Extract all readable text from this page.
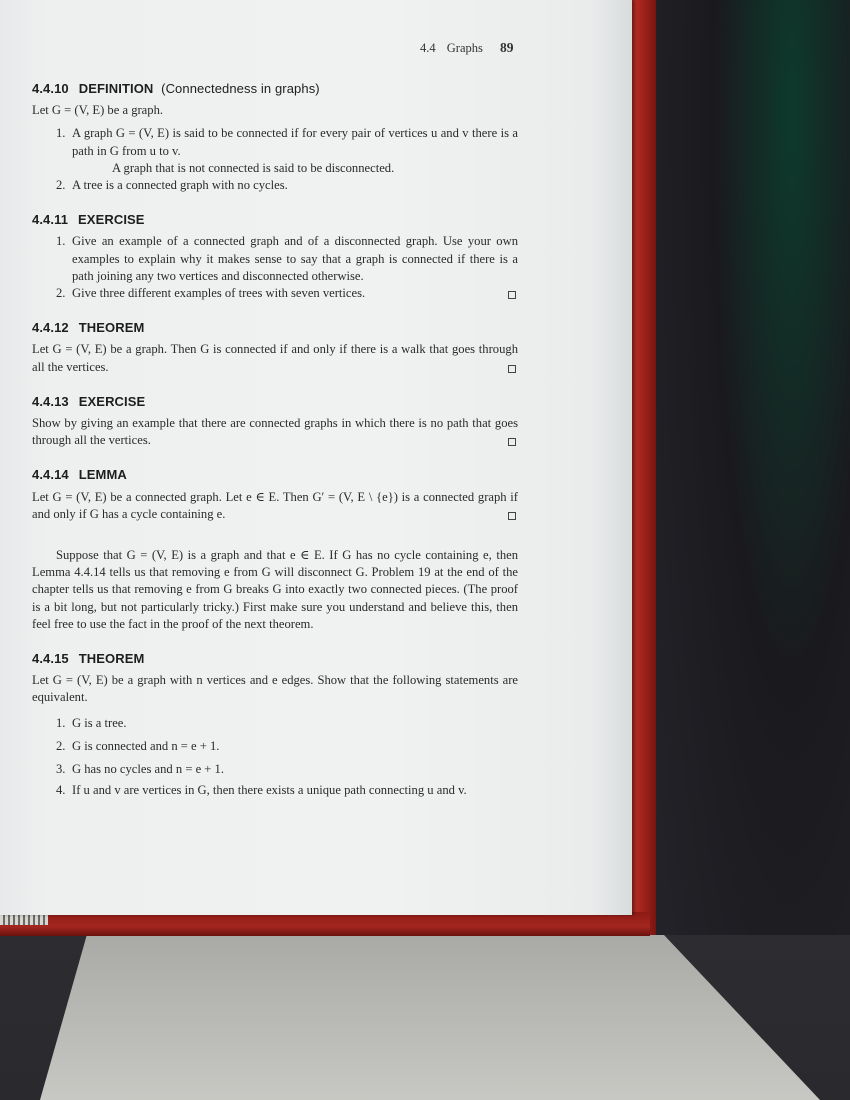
4.4 Graphs 89
4.4.10 DEFINITION (Connectedness in graphs)

Let G = (V, E) be a graph.

1. A graph G = (V, E) is said to be connected if for every pair of vertices u and v there is a path in G from u to v.
A graph that is not connected is said to be disconnected.
2. A tree is a connected graph with no cycles.
4.4.11 EXERCISE
1. Give an example of a connected graph and of a disconnected graph. Use your own examples to explain why it makes sense to say that a graph is connected if there is a path joining any two vertices and disconnected otherwise.
2. Give three different examples of trees with seven vertices.
4.4.12 THEOREM

Let G = (V, E) be a graph. Then G is connected if and only if there is a walk that goes through all the vertices.

4.4.13 EXERCISE

Show by giving an example that there are connected graphs in which there is no path that goes through all the vertices.

4.4.14 LEMMA

Let G = (V, E) be a connected graph. Let e ∈ E. Then G′ = (V, E \ {e}) is a connected graph if and only if G has a cycle containing e.

Suppose that G = (V, E) is a graph and that e ∈ E. If G has no cycle containing e, then Lemma 4.4.14 tells us that removing e from G will disconnect G. Problem 19 at the end of the chapter tells us that removing e from G breaks G into exactly two connected pieces. (The proof is a bit long, but not particularly tricky.) First make sure you understand and believe this, then feel free to use the fact in the proof of the next theorem.

4.4.15 THEOREM

Let G = (V, E) be a graph with n vertices and e edges. Show that the following statements are equivalent.

1. G is a tree.
2. G is connected and n = e + 1.
3. G has no cycles and n = e + 1.
4. If u and v are vertices in G, then there exists a unique path connecting u and v.
